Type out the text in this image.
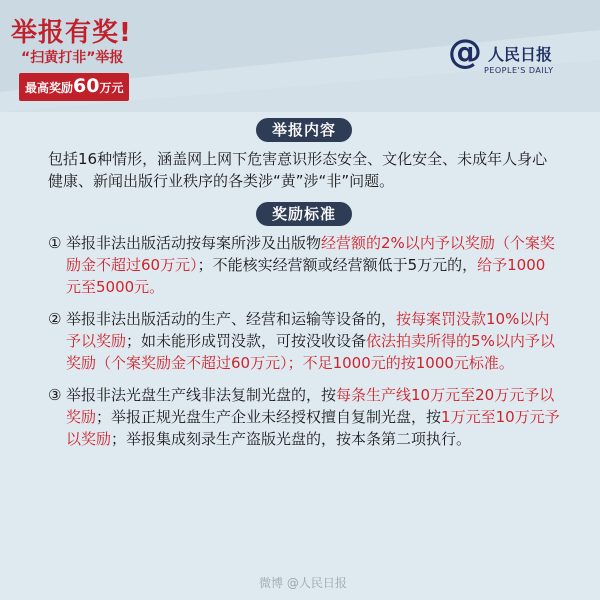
举报有奖!
“扫黄打非”举报
最高奖励60万元
@ 人民日报
PEOPLE'S DAILY
举报内容
包括16种情形，涵盖网上网下危害意识形态安全、文化安全、未成年人身心健康、新闻出版行业秩序的各类涉“黄”涉“非”问题。
奖励标准
① 举报非法出版活动按每案所涉及出版物经营额的2%以内予以奖励（个案奖励金不超过60万元）；不能核实经营额或经营额低于5万元的，给予1000元至5000元。
② 举报非法出版活动的生产、经营和运输等设备的，按每案罚没款10%以内予以奖励；如未能形成罚没款，可按没收设备依法拍卖所得的5%以内予以奖励（个案奖励金不超过60万元）；不足1000元的按1000元标准。
③ 举报非法光盘生产线非法复制光盘的，按每条生产线10万元至20万元予以奖励；举报正规光盘生产企业未经授权擅自复制光盘，按1万元至10万元予以奖励；举报集成刻录生产盗版光盘的，按本条第二项执行。
微博 @人民日报
